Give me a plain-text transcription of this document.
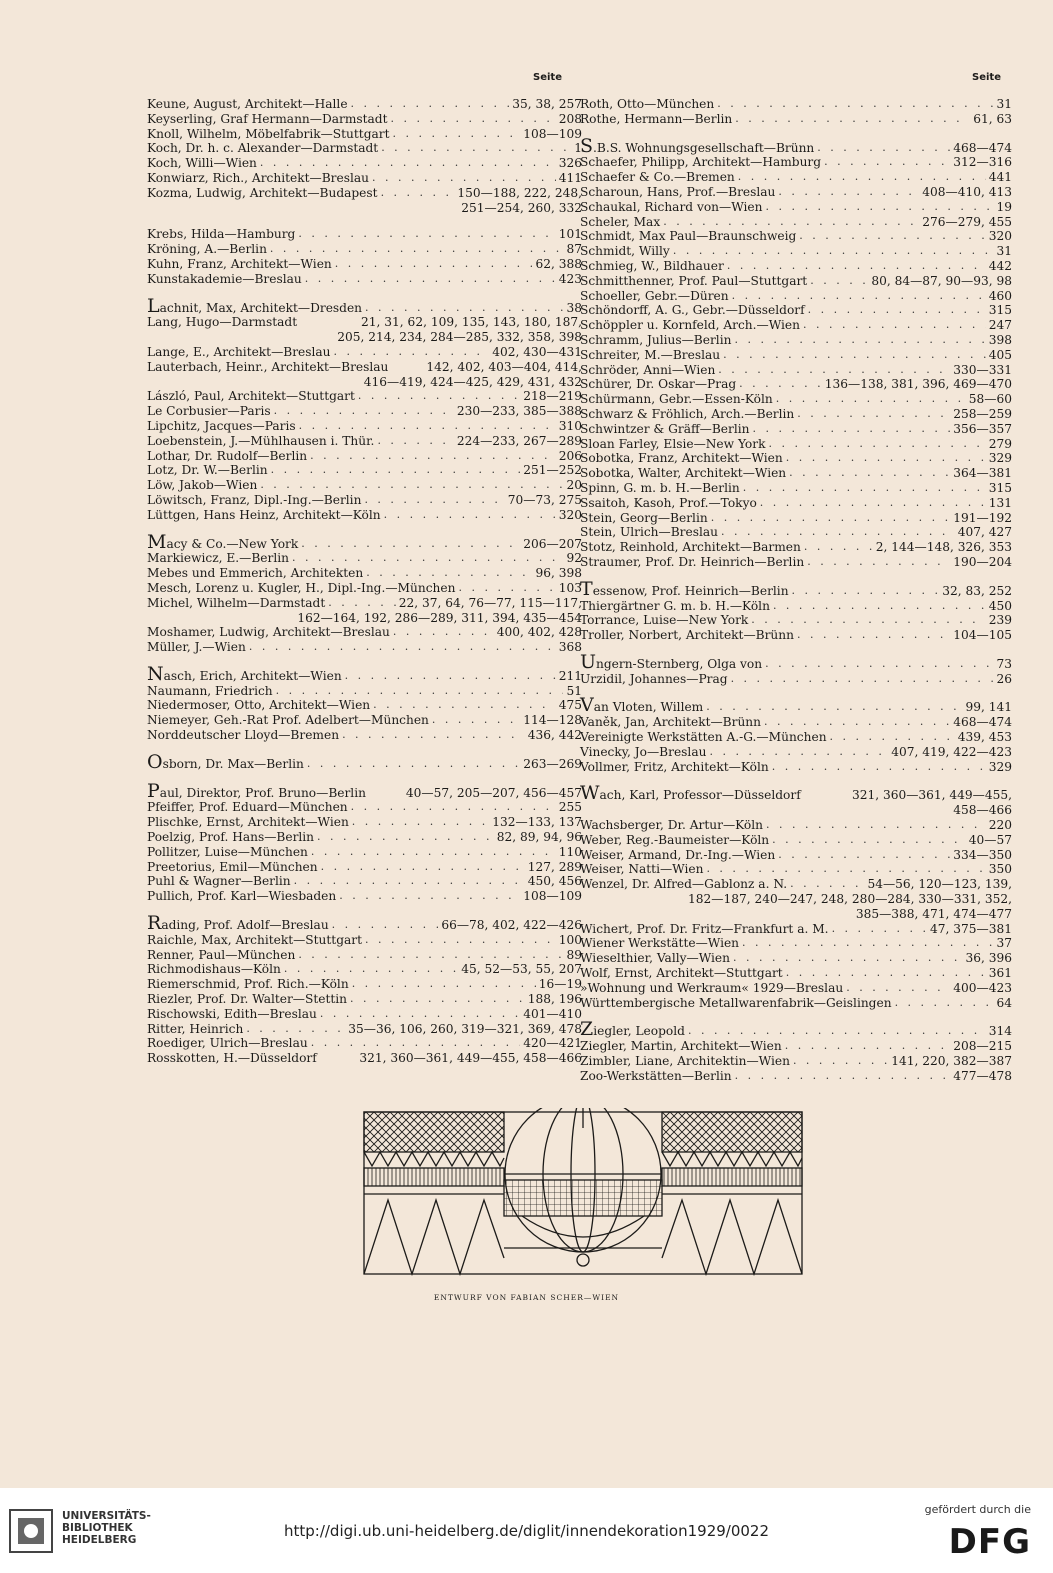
Seite	Seite
Keune, August, Architekt—Halle . . .	35, 38, 257
Keyserling, Graf Hermann—Darmstadt . . .	208
Knoll, Wilhelm, Möbelfabrik—Stuttgart . . .	108—109
Koch, Dr. h. c. Alexander—Darmstadt . . .	1
Koch, Willi—Wien . . .	326
Konwiarz, Rich., Architekt—Breslau . . .	411
Kozma, Ludwig, Architekt—Budapest . . .	150—188, 222, 248,
251—254, 260, 332
Krebs, Hilda—Hamburg . . .	101
Kröning, A.—Berlin . . .	87
Kuhn, Franz, Architekt—Wien . . .	62, 388
Kunstakademie—Breslau . . .	423
Lachnit, Max, Architekt—Dresden . . .	38
Lang, Hugo—Darmstadt	21, 31, 62, 109, 135, 143, 180, 187,
205, 214, 234, 284—285, 332, 358, 398
Lange, E., Architekt—Breslau . . .	402, 430—431
Lauterbach, Heinr., Architekt—Breslau	142, 402, 403—404, 414,
416—419, 424—425, 429, 431, 432
László, Paul, Architekt—Stuttgart . . .	218—219
Le Corbusier—Paris . . .	230—233, 385—388
Lipchitz, Jacques—Paris . . .	310
Loebenstein, J.—Mühlhausen i. Thür. . . .	224—233, 267—289
Lothar, Dr. Rudolf—Berlin . . .	206
Lotz, Dr. W.—Berlin . . .	251—252
Löw, Jakob—Wien . . .	20
Löwitsch, Franz, Dipl.-Ing.—Berlin . . .	70—73, 275
Lüttgen, Hans Heinz, Architekt—Köln . . .	320
Macy & Co.—New York . . .	206—207
Markiewicz, E.—Berlin . . .	92
Mebes und Emmerich, Architekten . . .	96, 398
Mesch, Lorenz u. Kugler, H., Dipl.-Ing.—München . . .	103
Michel, Wilhelm—Darmstadt . . .	22, 37, 64, 76—77, 115—117,
162—164, 192, 286—289, 311, 394, 435—454
Moshamer, Ludwig, Architekt—Breslau . . .	400, 402, 428
Müller, J.—Wien . . .	368
Nasch, Erich, Architekt—Wien . . .	211
Naumann, Friedrich . . .	51
Niedermoser, Otto, Architekt—Wien . . .	475
Niemeyer, Geh.-Rat Prof. Adelbert—München . . .	114—128
Norddeutscher Lloyd—Bremen . . .	436, 442
Osborn, Dr. Max—Berlin . . .	263—269
Paul, Direktor, Prof. Bruno—Berlin	40—57, 205—207, 456—457
Pfeiffer, Prof. Eduard—München . . .	255
Plischke, Ernst, Architekt—Wien . . .	132—133, 137
Poelzig, Prof. Hans—Berlin . . .	82, 89, 94, 96
Pollitzer, Luise—München . . .	110
Preetorius, Emil—München . . .	127, 289
Puhl & Wagner—Berlin . . .	450, 456
Pullich, Prof. Karl—Wiesbaden . . .	108—109
Rading, Prof. Adolf—Breslau . . .	66—78, 402, 422—426
Raichle, Max, Architekt—Stuttgart . . .	100
Renner, Paul—München . . .	89
Richmodishaus—Köln . . .	45, 52—53, 55, 207
Riemerschmid, Prof. Rich.—Köln . . .	16—19
Riezler, Prof. Dr. Walter—Stettin . . .	188, 196
Rischowski, Edith—Breslau . . .	401—410
Ritter, Heinrich . . .	35—36, 106, 260, 319—321, 369, 478
Roediger, Ulrich—Breslau . . .	420—421
Rosskotten, H.—Düsseldorf	321, 360—361, 449—455, 458—466
Roth, Otto—München . . .	31
Rothe, Hermann—Berlin . . .	61, 63
S.B.S. Wohnungsgesellschaft—Brünn . . .	468—474
Schaefer, Philipp, Architekt—Hamburg . . .	312—316
Schaefer & Co.—Bremen . . .	441
Scharoun, Hans, Prof.—Breslau . . .	408—410, 413
Schaukal, Richard von—Wien . . .	19
Scheler, Max . . .	276—279, 455
Schmidt, Max Paul—Braunschweig . . .	320
Schmidt, Willy . . .	31
Schmieg, W., Bildhauer . . .	442
Schmitthenner, Prof. Paul—Stuttgart . . .	80, 84—87, 90—93, 98
Schoeller, Gebr.—Düren . . .	460
Schöndorff, A. G., Gebr.—Düsseldorf . . .	315
Schöppler u. Kornfeld, Arch.—Wien . . .	247
Schramm, Julius—Berlin . . .	398
Schreiter, M.—Breslau . . .	405
Schröder, Anni—Wien . . .	330—331
Schürer, Dr. Oskar—Prag . . .	136—138, 381, 396, 469—470
Schürmann, Gebr.—Essen-Köln . . .	58—60
Schwarz & Fröhlich, Arch.—Berlin . . .	258—259
Schwintzer & Gräff—Berlin . . .	356—357
Sloan Farley, Elsie—New York . . .	279
Sobotka, Franz, Architekt—Wien . . .	329
Sobotka, Walter, Architekt—Wien . . .	364—381
Spinn, G. m. b. H.—Berlin . . .	315
Ssaitoh, Kasoh, Prof.—Tokyo . . .	131
Stein, Georg—Berlin . . .	191—192
Stein, Ulrich—Breslau . . .	407, 427
Stotz, Reinhold, Architekt—Barmen . . .	2, 144—148, 326, 353
Straumer, Prof. Dr. Heinrich—Berlin . . .	190—204
Tessenow, Prof. Heinrich—Berlin . . .	32, 83, 252
Thiergärtner G. m. b. H.—Köln . . .	450
Torrance, Luise—New York . . .	239
Troller, Norbert, Architekt—Brünn . . .	104—105
Ungern-Sternberg, Olga von . . .	73
Urzidil, Johannes—Prag . . .	26
Van Vloten, Willem . . .	99, 141
Vaněk, Jan, Architekt—Brünn . . .	468—474
Vereinigte Werkstätten A.-G.—München . . .	439, 453
Vinecky, Jo—Breslau . . .	407, 419, 422—423
Vollmer, Fritz, Architekt—Köln . . .	329
Wach, Karl, Professor—Düsseldorf	321, 360—361, 449—455,
458—466
Wachsberger, Dr. Artur—Köln . . .	220
Weber, Reg.-Baumeister—Köln . . .	40—57
Weiser, Armand, Dr.-Ing.—Wien . . .	334—350
Weiser, Natti—Wien . . .	350
Wenzel, Dr. Alfred—Gablonz a. N. . . .	54—56, 120—123, 139,
182—187, 240—247, 248, 280—284, 330—331, 352,
385—388, 471, 474—477
Wichert, Prof. Dr. Fritz—Frankfurt a. M. . . .	47, 375—381
Wiener Werkstätte—Wien . . .	37
Wieselthier, Vally—Wien . . .	36, 396
Wolf, Ernst, Architekt—Stuttgart . . .	361
»Wohnung und Werkraum« 1929—Breslau . . .	400—423
Württembergische Metallwarenfabrik—Geislingen . . .	64
Ziegler, Leopold . . .	314
Ziegler, Martin, Architekt—Wien . . .	208—215
Zimbler, Liane, Architektin—Wien . . .	141, 220, 382—387
Zoo-Werkstätten—Berlin . . .	477—478
ENTWURF VON FABIAN SCHER—WIEN
UNIVERSITÄTS-
BIBLIOTHEK
HEIDELBERG	http://digi.ub.uni-heidelberg.de/diglit/innendekoration1929/0022
gefördert durch die
DFG
